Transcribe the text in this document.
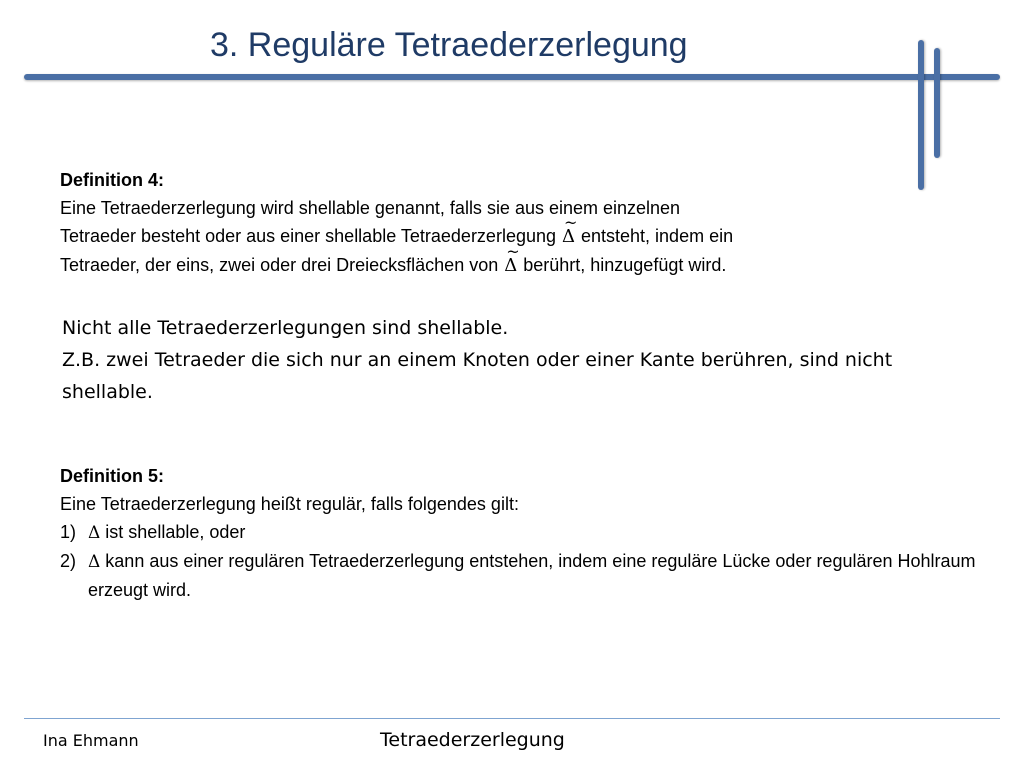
3. Reguläre Tetraederzerlegung
Definition 4:
Eine Tetraederzerlegung wird shellable genannt, falls sie aus einem einzelnen
Tetraeder besteht oder aus einer shellable Tetraederzerlegung ~ Δ entsteht, indem ein
Tetraeder, der eins, zwei oder drei Dreiecksflächen von ~ Δ berührt, hinzugefügt wird.
Nicht alle Tetraederzerlegungen sind shellable.
Z.B. zwei Tetraeder die sich nur an einem Knoten oder einer Kante berühren, sind nicht shellable.
Definition 5:
Eine Tetraederzerlegung heißt regulär, falls folgendes gilt:
1) Δ ist shellable, oder
2) Δ kann aus einer regulären Tetraederzerlegung entstehen, indem eine reguläre Lücke oder regulären Hohlraum erzeugt wird.
Ina Ehmann	Tetraederzerlegung
